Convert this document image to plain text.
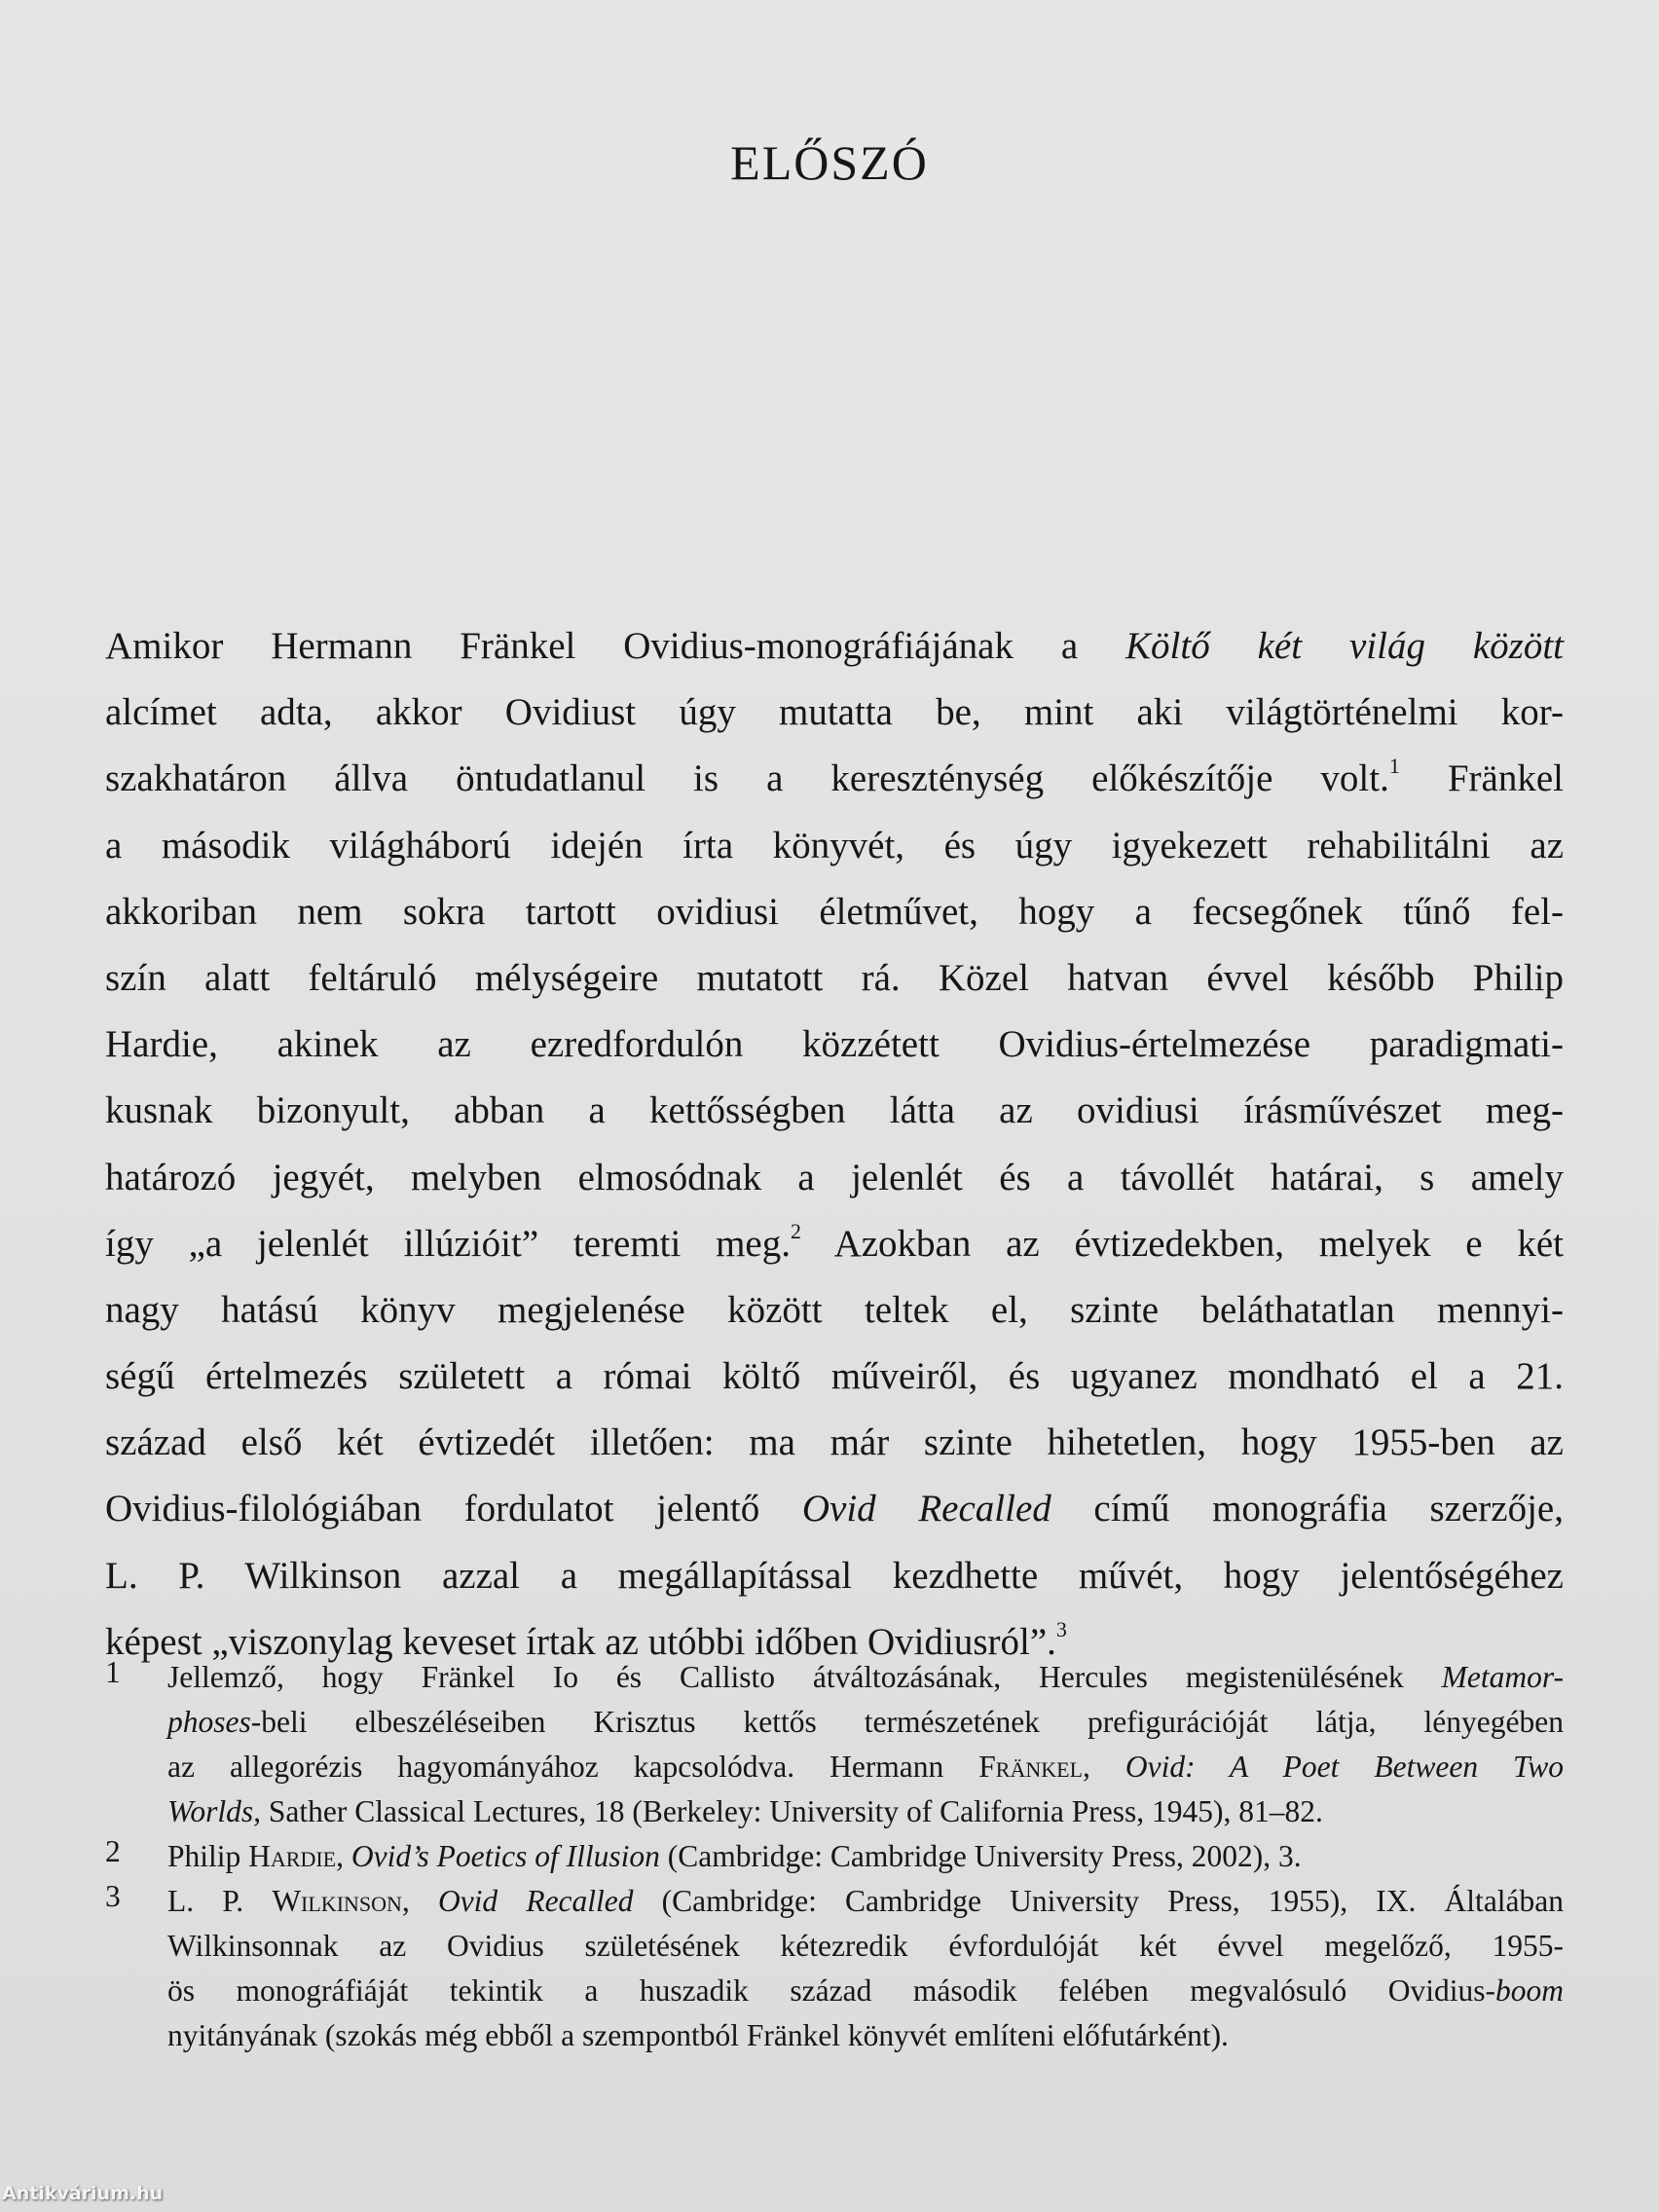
ELŐSZÓ
Amikor Hermann Fränkel Ovidius-monográfiájának a Költő két világ között
alcímet adta, akkor Ovidiust úgy mutatta be, mint aki világtörténelmi kor-
szakhatáron állva öntudatlanul is a kereszténység előkészítője volt.$^1$ Fränkel
a második világháború idején írta könyvét, és úgy igyekezett rehabilitálni az
akkoriban nem sokra tartott ovidiusi életművet, hogy a fecsegőnek tűnő fel-
szín alatt feltáruló mélységeire mutatott rá. Közel hatvan évvel később Philip
Hardie, akinek az ezredfordulón közzétett Ovidius-értelmezése paradigmati-
kusnak bizonyult, abban a kettősségben látta az ovidiusi írásművészet meg-
határozó jegyét, melyben elmosódnak a jelenlét és a távollét határai, s amely
így „a jelenlét illúzióit” teremti meg.$^2$ Azokban az évtizedekben, melyek e két
nagy hatású könyv megjelenése között teltek el, szinte beláthatatlan mennyi-
ségű értelmezés született a római költő műveiről, és ugyanez mondható el a 21.
század első két évtizedét illetően: ma már szinte hihetetlen, hogy 1955-ben az
Ovidius-filológiában fordulatot jelentő Ovid Recalled című monográfia szerzője,
L. P. Wilkinson azzal a megállapítással kezdhette művét, hogy jelentőségéhez
képest „viszonylag keveset írtak az utóbbi időben Ovidiusról”.$^3$
1	Jellemző, hogy Fränkel Io és Callisto átváltozásának, Hercules megistenülésének Metamor-
phoses-beli elbeszéléseiben Krisztus kettős természetének prefigurációját látja, lényegében
az allegorézis hagyományához kapcsolódva. Hermann Fränkel, Ovid: A Poet Between Two
Worlds, Sather Classical Lectures, 18 (Berkeley: University of California Press, 1945), 81–82.
2	Philip Hardie, Ovid’s Poetics of Illusion (Cambridge: Cambridge University Press, 2002), 3.
3	L. P. Wilkinson, Ovid Recalled (Cambridge: Cambridge University Press, 1955), IX. Általában
Wilkinsonnak az Ovidius születésének kétezredik évfordulóját két évvel megelőző, 1955-
ös monográfiáját tekintik a huszadik század második felében megvalósuló Ovidius-boom
nyitányának (szokás még ebből a szempontból Fränkel könyvét említeni előfutárként).
Antikvárium.hu
